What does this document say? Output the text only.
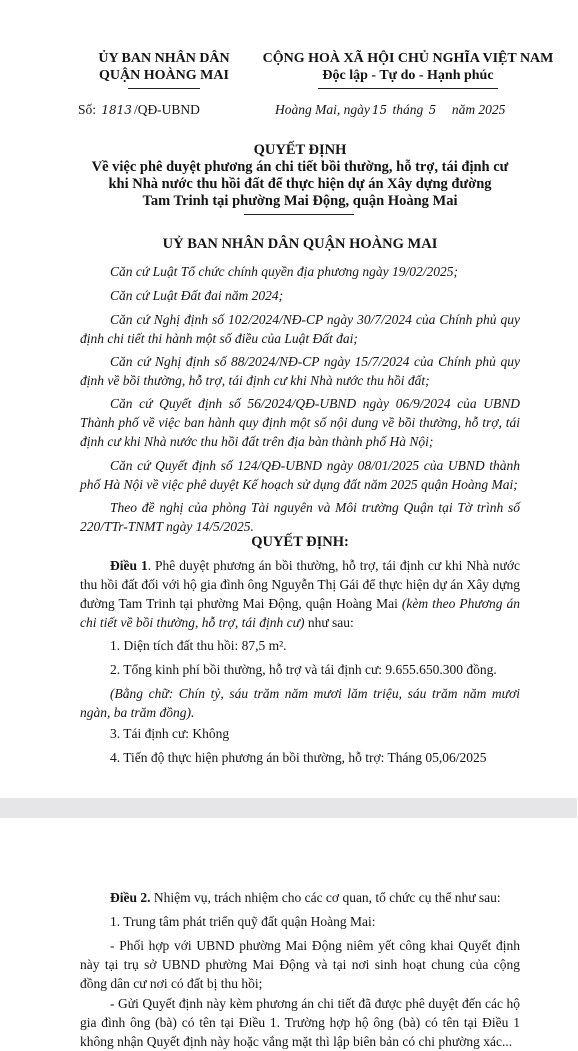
ỦY BAN NHÂN DÂN
QUẬN HOÀNG MAI
CỘNG HOÀ XÃ HỘI CHỦ NGHĨA VIỆT NAM
Độc lập - Tự do - Hạnh phúc
Số: 1813 /QĐ-UBND	Hoàng Mai, ngày 15 tháng 5 năm 2025
QUYẾT ĐỊNH
Về việc phê duyệt phương án chi tiết bồi thường, hỗ trợ, tái định cư
khi Nhà nước thu hồi đất để thực hiện dự án Xây dựng đường
Tam Trinh tại phường Mai Động, quận Hoàng Mai
UỶ BAN NHÂN DÂN QUẬN HOÀNG MAI

Căn cứ Luật Tổ chức chính quyền địa phương ngày 19/02/2025;

Căn cứ Luật Đất đai năm 2024;

Căn cứ Nghị định số 102/2024/NĐ-CP ngày 30/7/2024 của Chính phủ quy định chi tiết thi hành một số điều của Luật Đất đai;

Căn cứ Nghị định số 88/2024/NĐ-CP ngày 15/7/2024 của Chính phủ quy định về bồi thường, hỗ trợ, tái định cư khi Nhà nước thu hồi đất;

Căn cứ Quyết định số 56/2024/QĐ-UBND ngày 06/9/2024 của UBND Thành phố về việc ban hành quy định một số nội dung về bồi thường, hỗ trợ, tái định cư khi Nhà nước thu hồi đất trên địa bàn thành phố Hà Nội;

Căn cứ Quyết định số 124/QĐ-UBND ngày 08/01/2025 của UBND thành phố Hà Nội về việc phê duyệt Kế hoạch sử dụng đất năm 2025 quận Hoàng Mai;

Theo đề nghị của phòng Tài nguyên và Môi trường Quận tại Tờ trình số 220/TTr-TNMT ngày 14/5/2025.

QUYẾT ĐỊNH:

Điều 1. Phê duyệt phương án bồi thường, hỗ trợ, tái định cư khi Nhà nước thu hồi đất đối với hộ gia đình ông Nguyễn Thị Gái để thực hiện dự án Xây dựng đường Tam Trinh tại phường Mai Động, quận Hoàng Mai (kèm theo Phương án chi tiết về bồi thường, hỗ trợ, tái định cư) như sau:

1. Diện tích đất thu hồi: 87,5 m².

2. Tổng kinh phí bồi thường, hỗ trợ và tái định cư: 9.655.650.300 đồng.

(Bằng chữ: Chín tỷ, sáu trăm năm mươi lăm triệu, sáu trăm năm mươi ngàn, ba trăm đồng).

3. Tái định cư: Không

4. Tiến độ thực hiện phương án bồi thường, hỗ trợ: Tháng 05,06/2025

Điều 2. Nhiệm vụ, trách nhiệm cho các cơ quan, tổ chức cụ thể như sau:

1. Trung tâm phát triển quỹ đất quận Hoàng Mai:

- Phối hợp với UBND phường Mai Động niêm yết công khai Quyết định này tại trụ sở UBND phường Mai Động và tại nơi sinh hoạt chung của cộng đồng dân cư nơi có đất bị thu hồi;

- Gửi Quyết định này kèm phương án chi tiết đã được phê duyệt đến các hộ gia đình ông (bà) có tên tại Điều 1. Trường hợp hộ ông (bà) có tên tại Điều 1 không nhận Quyết định này hoặc vắng mặt thì lập biên bản có chi phường xác...
